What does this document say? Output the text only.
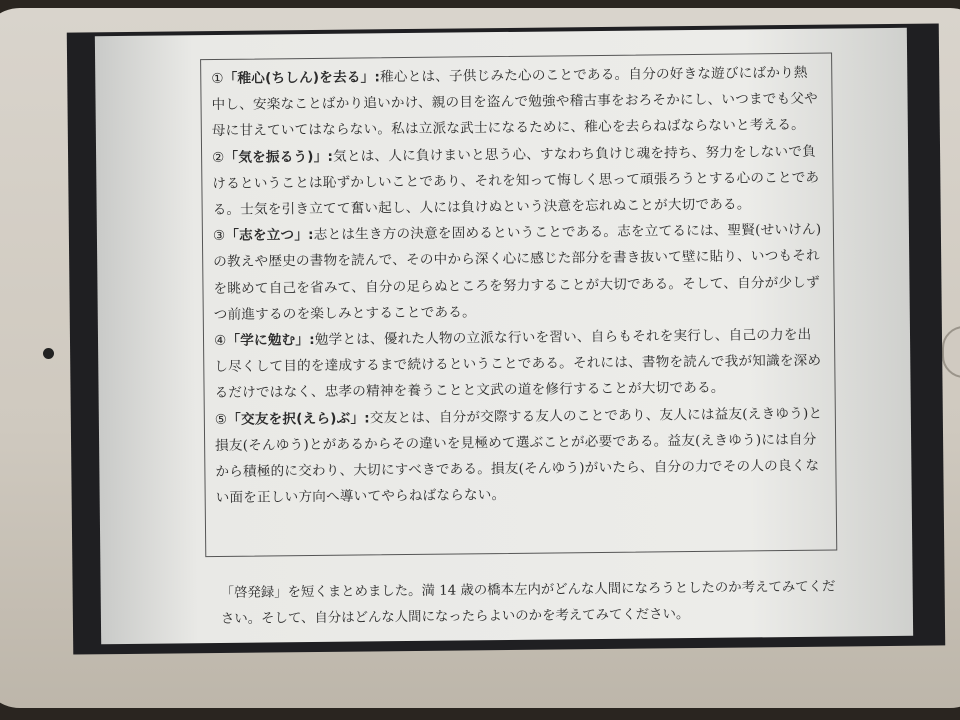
①「稚心(ちしん)を去る」:稚心とは、子供じみた心のことである。自分の好きな遊びにばかり熱中し、安楽なことばかり追いかけ、親の目を盗んで勉強や稽古事をおろそかにし、いつまでも父や母に甘えていてはならない。私は立派な武士になるために、稚心を去らねばならないと考える。
②「気を振るう)」:気とは、人に負けまいと思う心、すなわち負けじ魂を持ち、努力をしないで負けるということは恥ずかしいことであり、それを知って悔しく思って頑張ろうとする心のことである。士気を引き立てて奮い起し、人には負けぬという決意を忘れぬことが大切である。
③「志を立つ」:志とは生き方の決意を固めるということである。志を立てるには、聖賢(せいけん)の教えや歴史の書物を読んで、その中から深く心に感じた部分を書き抜いて壁に貼り、いつもそれを眺めて自己を省みて、自分の足らぬところを努力することが大切である。そして、自分が少しずつ前進するのを楽しみとすることである。
④「学に勉む」:勉学とは、優れた人物の立派な行いを習い、自らもそれを実行し、自己の力を出し尽くして目的を達成するまで続けるということである。それには、書物を読んで我が知識を深めるだけではなく、忠孝の精神を養うことと文武の道を修行することが大切である。
⑤「交友を択(えら)ぶ」:交友とは、自分が交際する友人のことであり、友人には益友(えきゆう)と損友(そんゆう)とがあるからその違いを見極めて選ぶことが必要である。益友(えきゆう)には自分から積極的に交わり、大切にすべきである。損友(そんゆう)がいたら、自分の力でその人の良くない面を正しい方向へ導いてやらねばならない。
「啓発録」を短くまとめました。満 14 歳の橋本左内がどんな人間になろうとしたのか考えてみてください。そして、自分はどんな人間になったらよいのかを考えてみてください。
